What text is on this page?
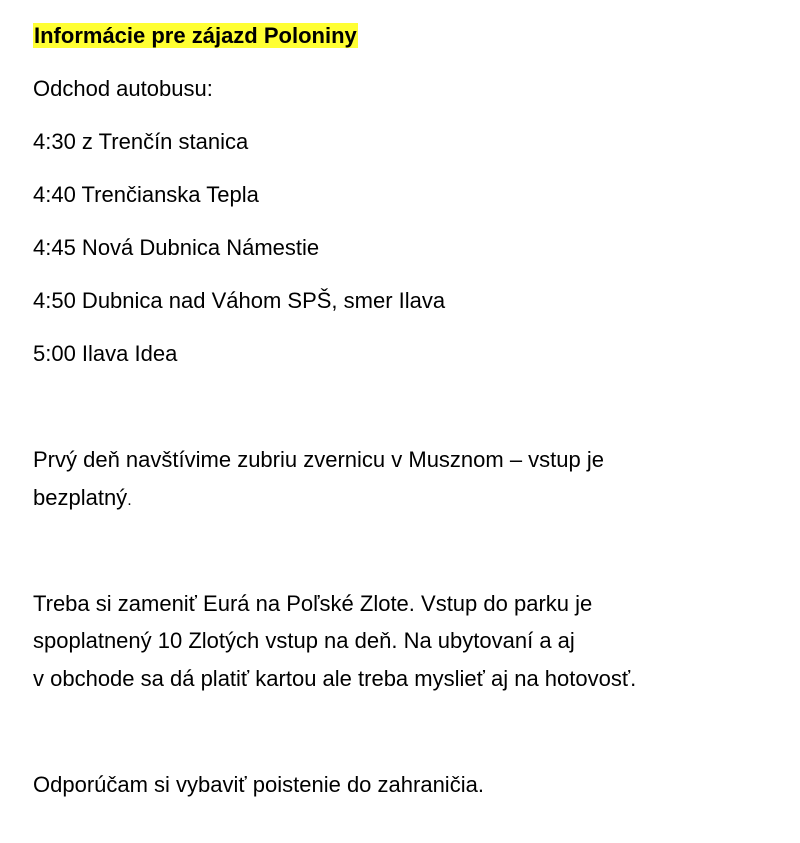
Informácie pre zájazd Poloniny
Odchod autobusu:
4:30 z Trenčín stanica
4:40 Trenčianska Tepla
4:45 Nová Dubnica Námestie
4:50 Dubnica nad Váhom SPŠ, smer Ilava
5:00 Ilava Idea
Prvý deň navštívime zubriu zvernicu v Musznom – vstup je
bezplatný.
Treba si zameniť Eurá na Poľské Zlote. Vstup do parku je
spoplatnený 10 Zlotých vstup na deň. Na ubytovaní a aj
v obchode sa dá platiť kartou ale treba myslieť aj na hotovosť.
Odporúčam si vybaviť poistenie do zahraničia.
